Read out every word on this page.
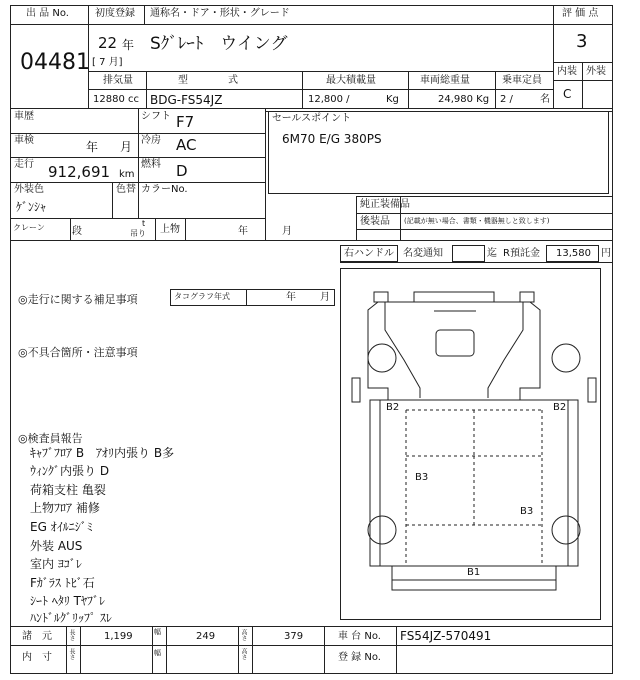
出 品 No.
04481
初度登録
22 年
[ 7 月]
通称名・ドア・形状・グレード
Sｸﾞﾚｰﾄ　ウイング
評 価 点
3
内装 外装
C
排気量
12880 cc
型　　　　式
BDG-FS54JZ
最大積載量
12,800 /	Kg
車両総重量
24,980 Kg
乗車定員
2 /	名
車歴	シフト F7
車検	年 月 冷房 AC
走行 912,691 km
燃料 D
外装色
ｹﾞﾝｼｬ
色替 カラーNo.
セールスポイント
6M70 E/G 380PS
純正装備品
後装品 (記載が無い場合、書類・機器無しと致します)
クレーン	段
t
吊り 上物	年	月
右ハンドル 名変通知	迄 R預託金 13,580 円
◎走行に関する補足事項	タコグラフ年式	年 月
◎不具合箇所・注意事項
◎検査員報告
ｷｬﾌﾞﾌﾛｱ B　ｱｵﾘ内張り B多
ｳｨﾝｸﾞ内張り D
荷箱支柱 亀裂
上物ﾌﾛｱ 補修
EG ｵｲﾙﾆｼﾞﾐ
外装 AUS
室内 ﾖｺﾞﾚ
Fｶﾞﾗｽ ﾄﾋﾞ石
ｼｰﾄ ﾍﾀﾘ Tﾔﾌﾞﾚ
ﾊﾝﾄﾞﾙｸﾞﾘｯﾌﾟ ｽﾚ
B2	B2
B3
B3
B1
諸　元	長さ	1,199	幅	249	高さ	379	車 台 No. FS54JZ-570491
内　寸	長さ	幅	高さ	登 録 No.
